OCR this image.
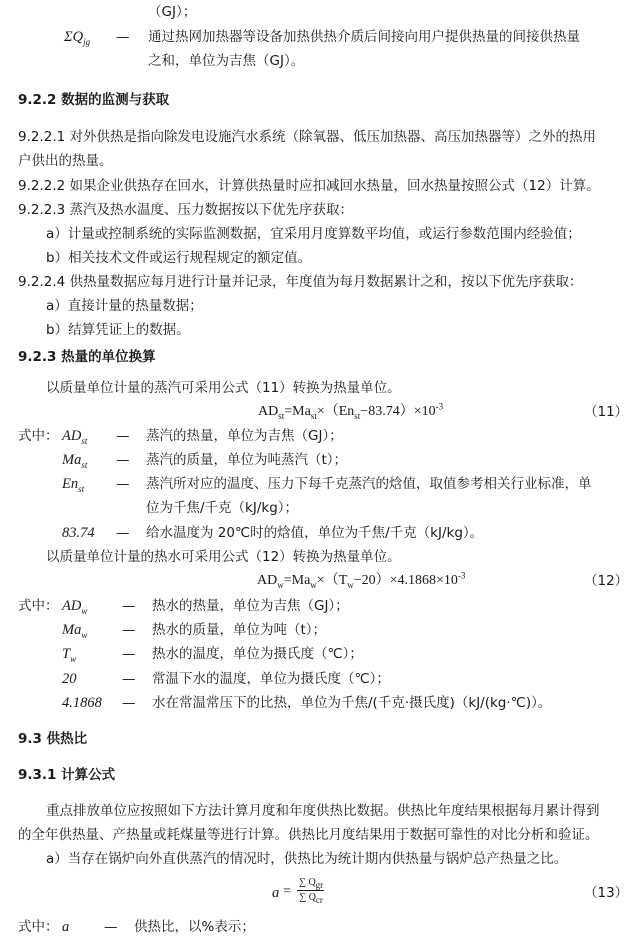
（GJ）；
$\Sigma Q_{jg}$ — 通过热网加热器等设备加热供热介质后间接向用户提供热量的间接供热量
之和，单位为吉焦（GJ）。
9.2.2 数据的监测与获取
9.2.2.1 对外供热是指向除发电设施汽水系统（除氧器、低压加热器、高压加热器等）之外的热用
户供出的热量。
9.2.2.2 如果企业供热存在回水，计算供热量时应扣减回水热量，回水热量按照公式（12）计算。
9.2.2.3 蒸汽及热水温度、压力数据按以下优先序获取：
a）计量或控制系统的实际监测数据，宜采用月度算数平均值，或运行参数范围内经验值；
b）相关技术文件或运行规程规定的额定值。
9.2.2.4 供热量数据应每月进行计量并记录，年度值为每月数据累计之和，按以下优先序获取：
a）直接计量的热量数据；
b）结算凭证上的数据。
9.2.3 热量的单位换算
以质量单位计量的蒸汽可采用公式（11）转换为热量单位。
$AD_{st}=Ma_{st}\times(En_{st}-83.74)\times 10^{-3}$	（11）
式中： $AD_{st}$ — 蒸汽的热量，单位为吉焦（GJ）；
$Ma_{st}$ — 蒸汽的质量，单位为吨蒸汽（t）；
$En_{st}$ — 蒸汽所对应的温度、压力下每千克蒸汽的焓值，取值参考相关行业标准，单
位为千焦/千克（kJ/kg）；
83.74 — 给水温度为 20℃时的焓值，单位为千焦/千克（kJ/kg）。
以质量单位计量的热水可采用公式（12）转换为热量单位。
$AD_w=Ma_w\times(T_w-20)\times 4.1868\times 10^{-3}$	（12）
式中： $AD_w$	— 热水的热量，单位为吉焦（GJ）；
$Ma_w$	— 热水的质量，单位为吨（t）；
$T_w$	— 热水的温度，单位为摄氏度（℃）；
20	— 常温下水的温度，单位为摄氏度（℃）；
4.1868 — 水在常温常压下的比热，单位为千焦/(千克·摄氏度)（kJ/(kg·℃)）。
9.3 供热比
9.3.1 计算公式
重点排放单位应按照如下方法计算月度和年度供热比数据。供热比年度结果根据每月累计得到
的全年供热量、产热量或耗煤量等进行计算。供热比月度结果用于数据可靠性的对比分析和验证。
a）当存在锅炉向外直供蒸汽的情况时，供热比为统计期内供热量与锅炉总产热量之比。
a =
∑ $Q_{gr}$
∑ $Q_{cr}$	（13）
式中： a	— 供热比，以%表示；
